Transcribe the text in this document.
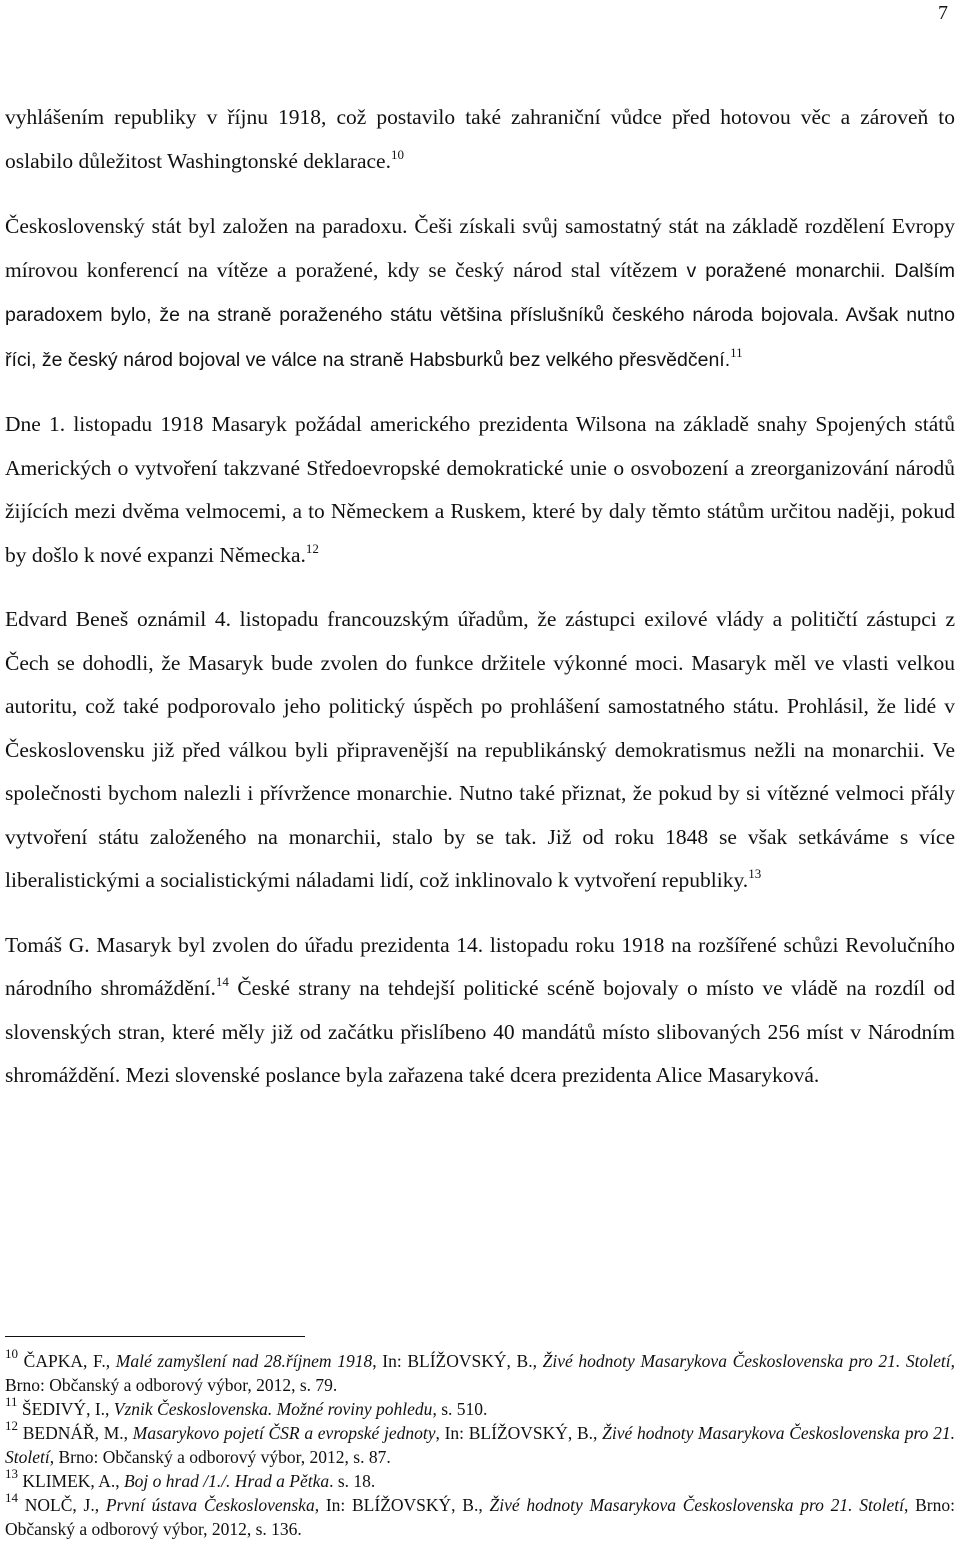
7

vyhlášením republiky v říjnu 1918, což postavilo také zahraniční vůdce před hotovou věc a zároveň to oslabilo důležitost Washingtonské deklarace.$^{10}$

Československý stát byl založen na paradoxu. Češi získali svůj samostatný stát na základě rozdělení Evropy mírovou konferencí na vítěze a poražené, kdy se český národ stal vítězem v poražené monarchii. Dalším paradoxem bylo, že na straně poraženého státu většina příslušníků českého národa bojovala. Avšak nutno říci, že český národ bojoval ve válce na straně Habsburků bez velkého přesvědčení.$^{11}$

Dne 1. listopadu 1918 Masaryk požádal amerického prezidenta Wilsona na základě snahy Spojených států Amerických o vytvoření takzvané Středoevropské demokratické unie o osvobození a zreorganizování národů žijících mezi dvěma velmocemi, a to Německem a Ruskem, které by daly těmto státům určitou naději, pokud by došlo k nové expanzi Německa.$^{12}$

Edvard Beneš oznámil 4. listopadu francouzským úřadům, že zástupci exilové vlády a političtí zástupci z Čech se dohodli, že Masaryk bude zvolen do funkce držitele výkonné moci. Masaryk měl ve vlasti velkou autoritu, což také podporovalo jeho politický úspěch po prohlášení samostatného státu. Prohlásil, že lidé v Československu již před válkou byli připravenější na republikánský demokratismus nežli na monarchii. Ve společnosti bychom nalezli i přívržence monarchie. Nutno také přiznat, že pokud by si vítězné velmoci přály vytvoření státu založeného na monarchii, stalo by se tak. Již od roku 1848 se však setkáváme s více liberalistickými a socialistickými náladami lidí, což inklinovalo k vytvoření republiky.$^{13}$

Tomáš G. Masaryk byl zvolen do úřadu prezidenta 14. listopadu roku 1918 na rozšířené schůzi Revolučního národního shromáždění.$^{14}$ České strany na tehdejší politické scéně bojovaly o místo ve vládě na rozdíl od slovenských stran, které měly již od začátku přislíbeno 40 mandátů místo slibovaných 256 míst v Národním shromáždění. Mezi slovenské poslance byla zařazena také dcera prezidenta Alice Masaryková.

$^{10}$ ČAPKA, F., Malé zamyšlení nad 28.říjnem 1918, In: BLÍŽOVSKÝ, B., Živé hodnoty Masarykova Československa pro 21. Století, Brno: Občanský a odborový výbor, 2012, s. 79.

$^{11}$ ŠEDIVÝ, I., Vznik Československa. Možné roviny pohledu, s. 510.

$^{12}$ BEDNÁŘ, M., Masarykovo pojetí ČSR a evropské jednoty, In: BLÍŽOVSKÝ, B., Živé hodnoty Masarykova Československa pro 21. Století, Brno: Občanský a odborový výbor, 2012, s. 87.

$^{13}$ KLIMEK, A., Boj o hrad /1./. Hrad a Pětka. s. 18.

$^{14}$ NOLČ, J., První ústava Československa, In: BLÍŽOVSKÝ, B., Živé hodnoty Masarykova Československa pro 21. Století, Brno: Občanský a odborový výbor, 2012, s. 136.
